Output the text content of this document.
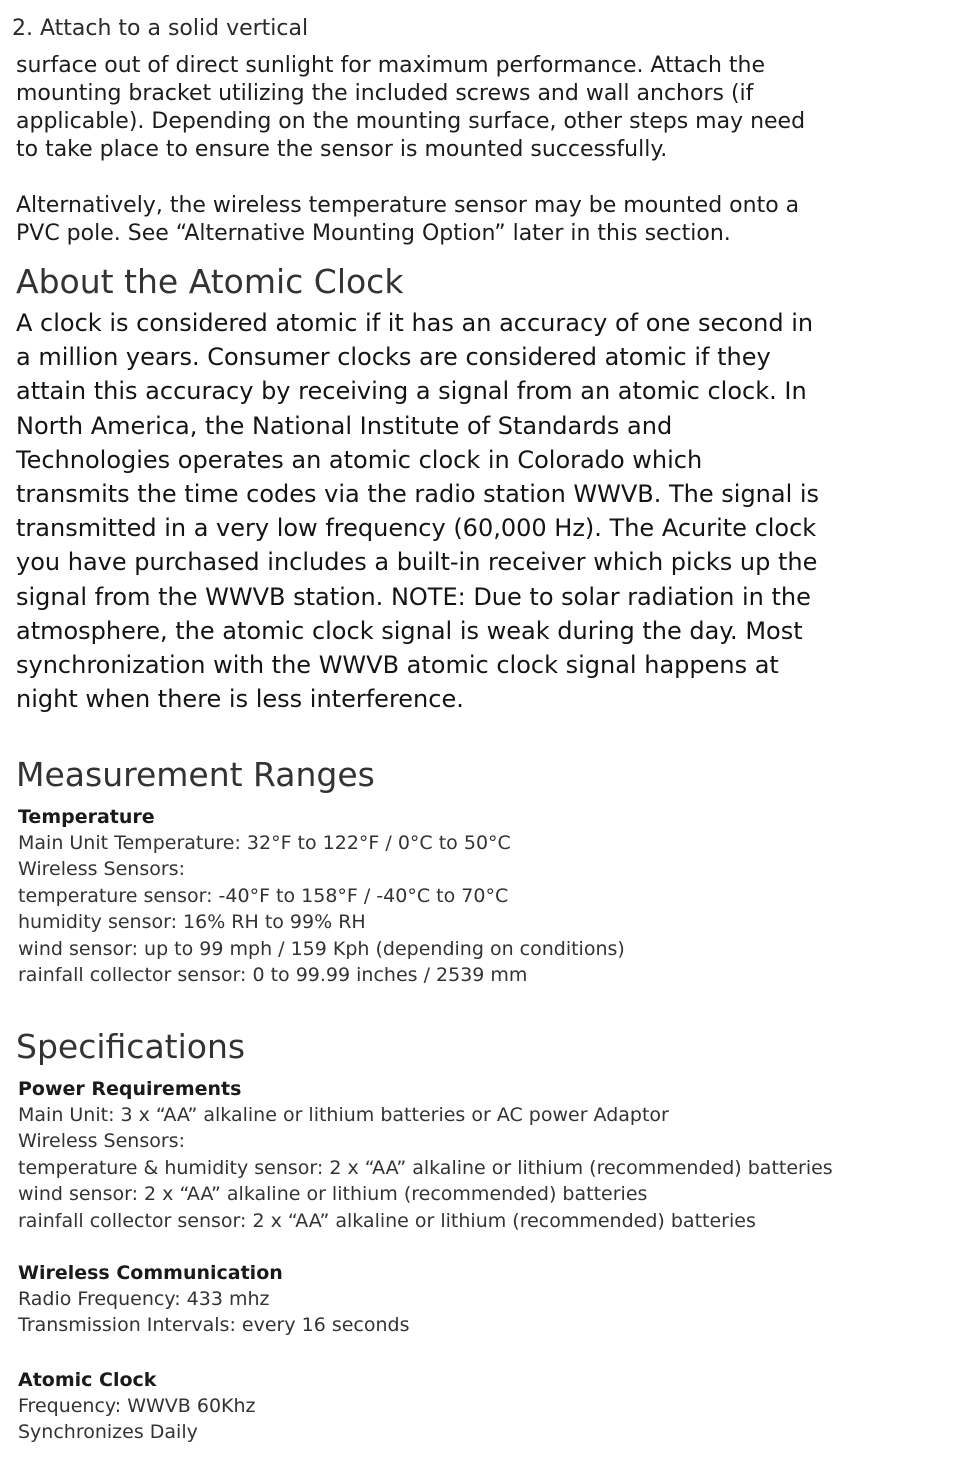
2. Attach to a solid vertical
surface out of direct sunlight for maximum performance. Attach the
mounting bracket utilizing the included screws and wall anchors (if
applicable). Depending on the mounting surface, other steps may need
to take place to ensure the sensor is mounted successfully.
Alternatively, the wireless temperature sensor may be mounted onto a
PVC pole. See “Alternative Mounting Option” later in this section.
About the Atomic Clock
A clock is considered atomic if it has an accuracy of one second in
a million years. Consumer clocks are considered atomic if they
attain this accuracy by receiving a signal from an atomic clock. In
North America, the National Institute of Standards and
Technologies operates an atomic clock in Colorado which
transmits the time codes via the radio station WWVB. The signal is
transmitted in a very low frequency (60,000 Hz). The Acurite clock
you have purchased includes a built-in receiver which picks up the
signal from the WWVB station. NOTE: Due to solar radiation in the
atmosphere, the atomic clock signal is weak during the day. Most
synchronization with the WWVB atomic clock signal happens at
night when there is less interference.
Measurement Ranges
Temperature
Main Unit Temperature: 32°F to 122°F / 0°C to 50°C
Wireless Sensors:
temperature sensor: -40°F to 158°F / -40°C to 70°C
humidity sensor: 16% RH to 99% RH
wind sensor: up to 99 mph / 159 Kph (depending on conditions)
rainfall collector sensor: 0 to 99.99 inches / 2539 mm
Specifications
Power Requirements
Main Unit: 3 x “AA” alkaline or lithium batteries or AC power Adaptor
Wireless Sensors:
temperature & humidity sensor: 2 x “AA” alkaline or lithium (recommended) batteries
wind sensor: 2 x “AA” alkaline or lithium (recommended) batteries
rainfall collector sensor: 2 x “AA” alkaline or lithium (recommended) batteries
Wireless Communication
Radio Frequency: 433 mhz
Transmission Intervals: every 16 seconds
Atomic Clock
Frequency: WWVB 60Khz
Synchronizes Daily
